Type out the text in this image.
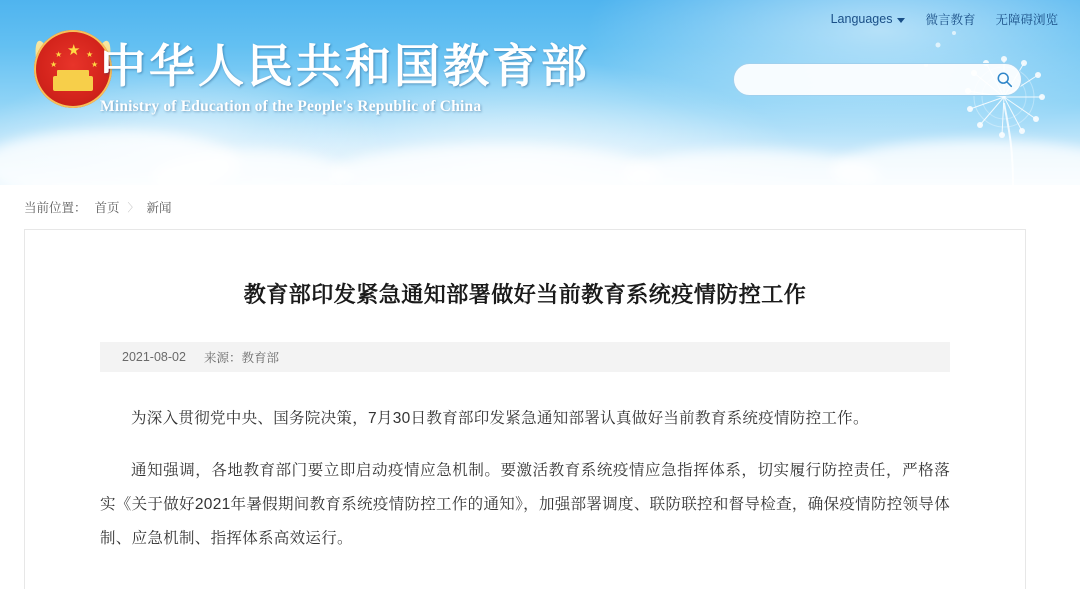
Languages	微言教育 无障碍浏览
★
★
★
★
★ 中华人民共和国教育部
Ministry of Education of the People's Republic of China
当前位置： 首页 〉 新闻
教育部印发紧急通知部署做好当前教育系统疫情防控工作
2021-08-02 来源：教育部

为深入贯彻党中央、国务院决策，7月30日教育部印发紧急通知部署认真做好当前教育系统疫情防控工作。

通知强调，各地教育部门要立即启动疫情应急机制。要激活教育系统疫情应急指挥体系，切实履行防控责任，严格落实《关于做好2021年暑假期间教育系统疫情防控工作的通知》，加强部署调度、联防联控和督导检查，确保疫情防控领导体制、应急机制、指挥体系高效运行。
